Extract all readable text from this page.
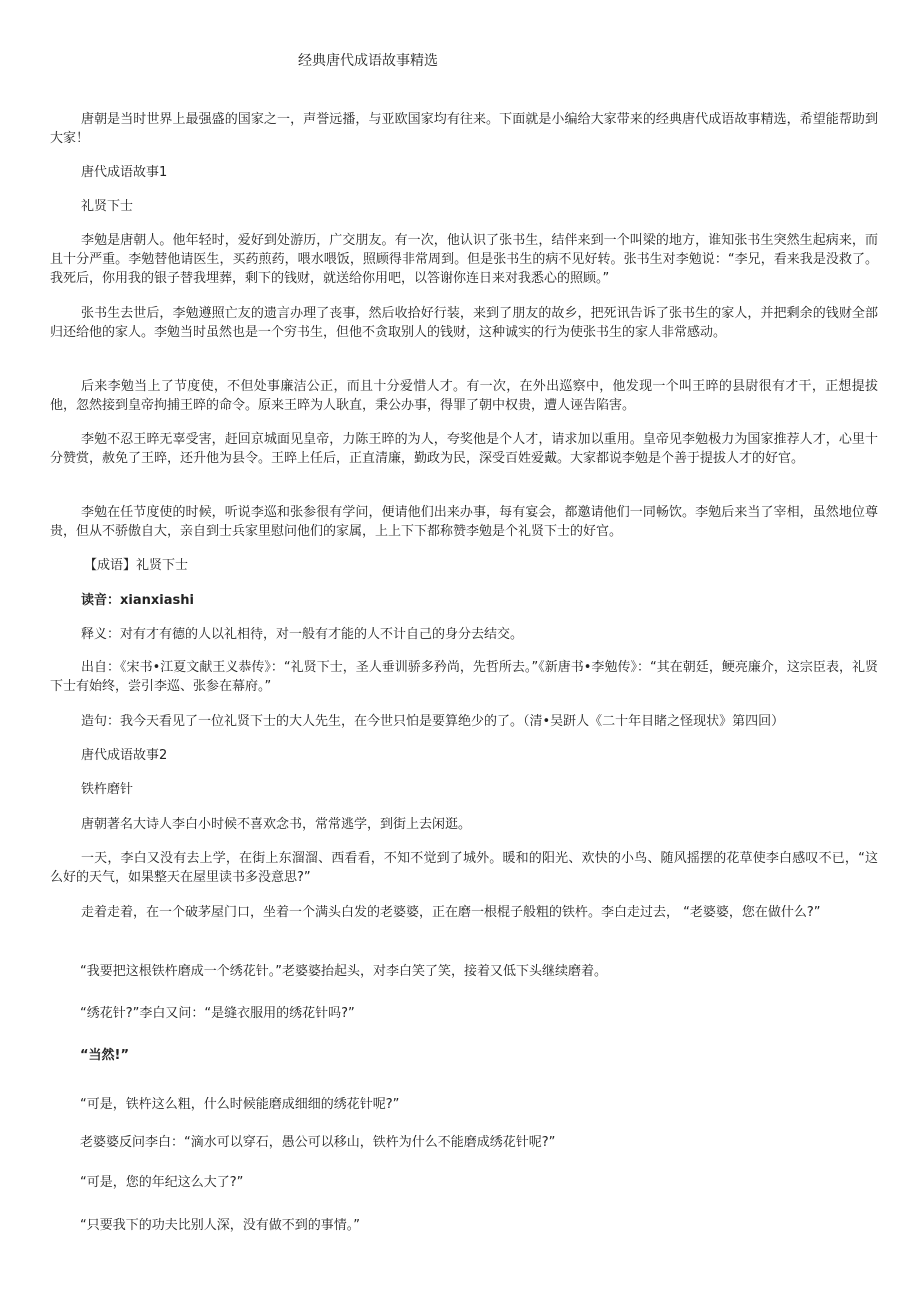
经典唐代成语故事精选

唐朝是当时世界上最强盛的国家之一，声誉远播，与亚欧国家均有往来。下面就是小编给大家带来的经典唐代成语故事精选，希望能帮助到大家！

唐代成语故事1

礼贤下士

李勉是唐朝人。他年轻时，爱好到处游历，广交朋友。有一次，他认识了张书生，结伴来到一个叫梁的地方，谁知张书生突然生起病来，而且十分严重。李勉替他请医生，买药煎药，喂水喂饭，照顾得非常周到。但是张书生的病不见好转。张书生对李勉说：“李兄，看来我是没救了。我死后，你用我的银子替我埋葬，剩下的钱财，就送给你用吧，以答谢你连日来对我悉心的照顾。”

张书生去世后，李勉遵照亡友的遗言办理了丧事，然后收拾好行装，来到了朋友的故乡，把死讯告诉了张书生的家人，并把剩余的钱财全部归还给他的家人。李勉当时虽然也是一个穷书生，但他不贪取别人的钱财，这种诚实的行为使张书生的家人非常感动。

后来李勉当上了节度使，不但处事廉洁公正，而且十分爱惜人才。有一次，在外出巡察中，他发现一个叫王晬的县尉很有才干，正想提拔他，忽然接到皇帝拘捕王晬的命令。原来王晬为人耿直，秉公办事，得罪了朝中权贵，遭人诬告陷害。

李勉不忍王晬无辜受害，赶回京城面见皇帝，力陈王晬的为人，夸奖他是个人才，请求加以重用。皇帝见李勉极力为国家推荐人才，心里十分赞赏，赦免了王晬，还升他为县令。王晬上任后，正直清廉，勤政为民，深受百姓爱戴。大家都说李勉是个善于提拔人才的好官。

李勉在任节度使的时候，听说李巡和张参很有学问，便请他们出来办事，每有宴会，都邀请他们一同畅饮。李勉后来当了宰相，虽然地位尊贵，但从不骄傲自大，亲自到士兵家里慰问他们的家属，上上下下都称赞李勉是个礼贤下士的好官。

【成语】礼贤下士

读音：xianxiashi

释义：对有才有德的人以礼相待，对一般有才能的人不计自己的身分去结交。

出自：《宋书•江夏文献王义恭传》：“礼贤下士，圣人垂训骄多矜尚，先哲所去。”《新唐书•李勉传》：“其在朝廷，鲠亮廉介，这宗臣表，礼贤下士有始终，尝引李巡、张参在幕府。”

造句：我今天看见了一位礼贤下士的大人先生，在今世只怕是要算绝少的了。（清•吴趼人《二十年目睹之怪现状》第四回）

唐代成语故事2

铁杵磨针

唐朝著名大诗人李白小时候不喜欢念书，常常逃学，到街上去闲逛。

一天，李白又没有去上学，在街上东溜溜、西看看，不知不觉到了城外。暖和的阳光、欢快的小鸟、随风摇摆的花草使李白感叹不已，“这么好的天气，如果整天在屋里读书多没意思?”

走着走着，在一个破茅屋门口，坐着一个满头白发的老婆婆，正在磨一根棍子般粗的铁杵。李白走过去， “老婆婆，您在做什么?”

“我要把这根铁杵磨成一个绣花针。”老婆婆抬起头，对李白笑了笑，接着又低下头继续磨着。

“绣花针?”李白又问：“是缝衣服用的绣花针吗?”

“当然!”

“可是，铁杵这么粗，什么时候能磨成细细的绣花针呢?”

老婆婆反问李白：“滴水可以穿石，愚公可以移山，铁杵为什么不能磨成绣花针呢?”

“可是，您的年纪这么大了?”

“只要我下的功夫比别人深，没有做不到的事情。”
